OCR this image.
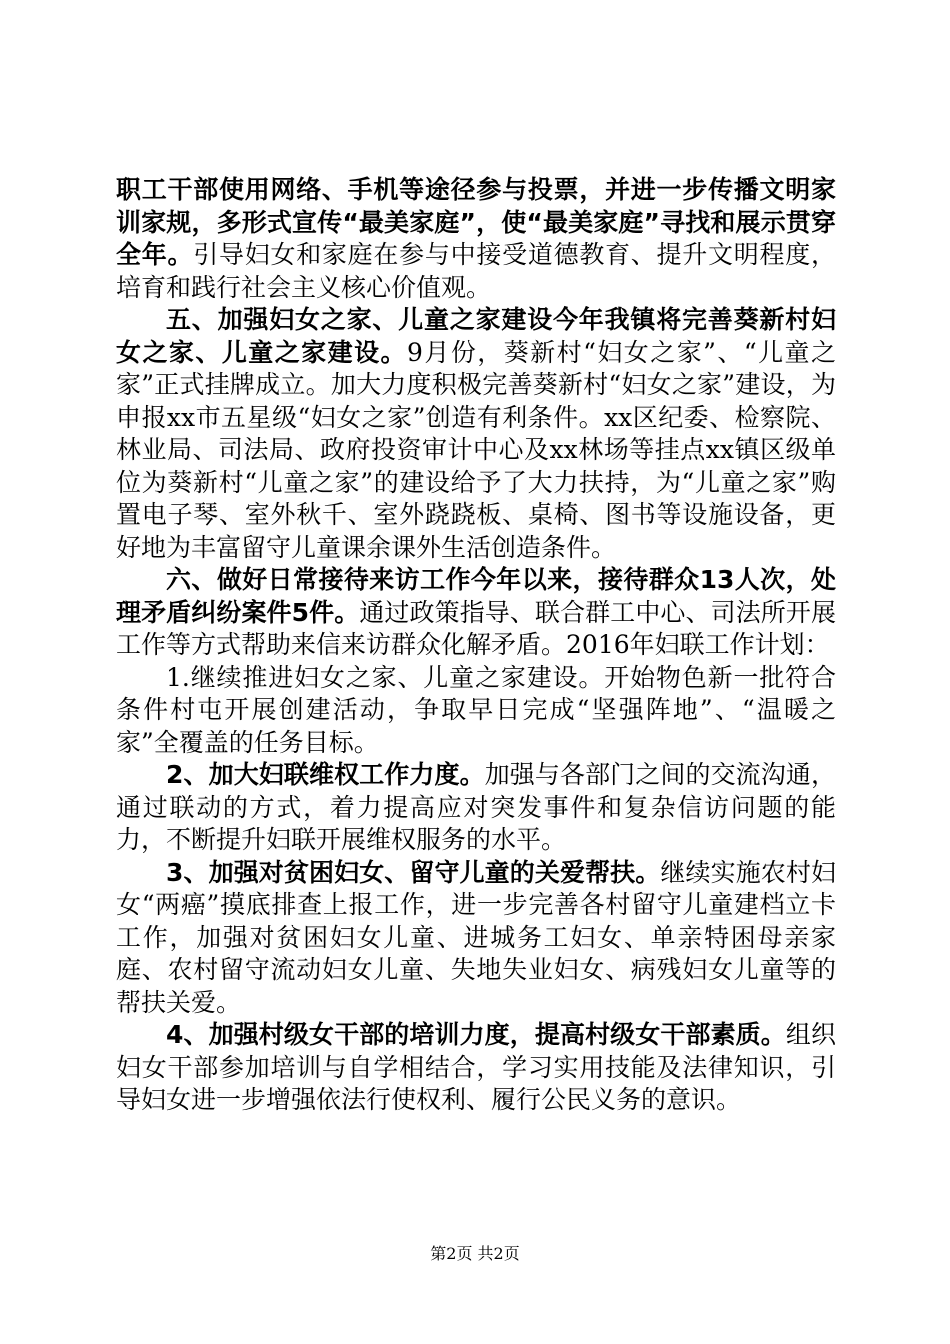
职工干部使用网络、手机等途径参与投票，并进一步传播文明家训家规，多形式宣传“最美家庭”，使“最美家庭”寻找和展示贯穿全年。引导妇女和家庭在参与中接受道德教育、提升文明程度，培育和践行社会主义核心价值观。

五、加强妇女之家、儿童之家建设今年我镇将完善葵新村妇女之家、儿童之家建设。9月份，葵新村“妇女之家”、“儿童之家”正式挂牌成立。加大力度积极完善葵新村“妇女之家”建设，为申报xx市五星级“妇女之家”创造有利条件。xx区纪委、检察院、林业局、司法局、政府投资审计中心及xx林场等挂点xx镇区级单位为葵新村“儿童之家”的建设给予了大力扶持，为“儿童之家”购置电子琴、室外秋千、室外跷跷板、桌椅、图书等设施设备，更好地为丰富留守儿童课余课外生活创造条件。

六、做好日常接待来访工作今年以来，接待群众13人次，处理矛盾纠纷案件5件。通过政策指导、联合群工中心、司法所开展工作等方式帮助来信来访群众化解矛盾。2016年妇联工作计划：

1.继续推进妇女之家、儿童之家建设。开始物色新一批符合条件村屯开展创建活动，争取早日完成“坚强阵地”、“温暖之家”全覆盖的任务目标。

2、加大妇联维权工作力度。加强与各部门之间的交流沟通，通过联动的方式，着力提高应对突发事件和复杂信访问题的能力，不断提升妇联开展维权服务的水平。

3、加强对贫困妇女、留守儿童的关爱帮扶。继续实施农村妇女“两癌”摸底排查上报工作，进一步完善各村留守儿童建档立卡工作，加强对贫困妇女儿童、进城务工妇女、单亲特困母亲家庭、农村留守流动妇女儿童、失地失业妇女、病残妇女儿童等的帮扶关爱。

4、加强村级女干部的培训力度，提高村级女干部素质。组织妇女干部参加培训与自学相结合，学习实用技能及法律知识，引导妇女进一步增强依法行使权利、履行公民义务的意识。

第2页 共2页
